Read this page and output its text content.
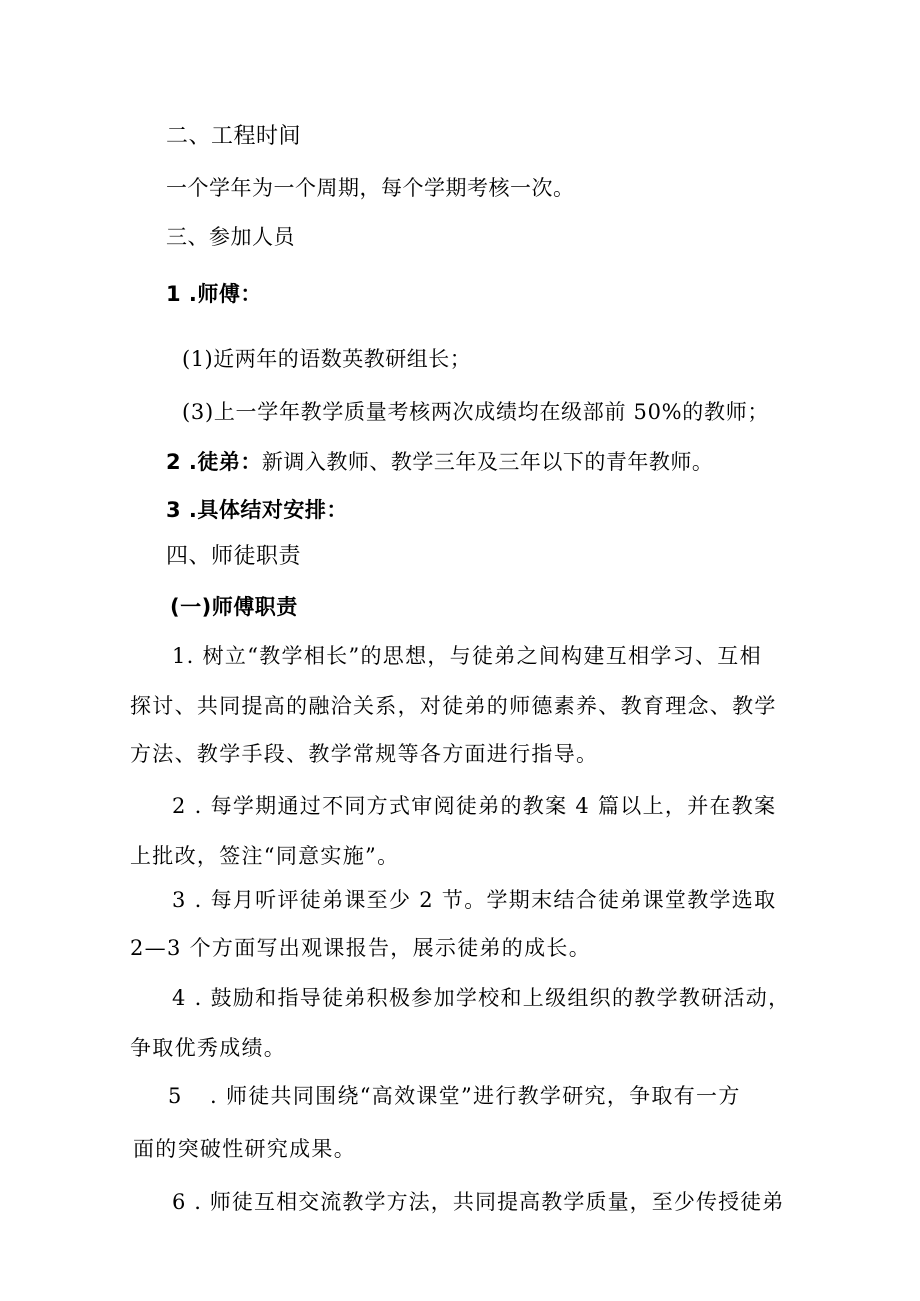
二、工程时间
一个学年为一个周期，每个学期考核一次。
三、参加人员
1 .师傅：
(1)近两年的语数英教研组长；
(3)上一学年教学质量考核两次成绩均在级部前 50%的教师；
2 .徒弟：新调入教师、教学三年及三年以下的青年教师。
3 .具体结对安排：
四、师徒职责
(一)师傅职责
1. 树立“教学相长”的思想，与徒弟之间构建互相学习、互相
探讨、共同提高的融洽关系，对徒弟的师德素养、教育理念、教学
方法、教学手段、教学常规等各方面进行指导。
2 . 每学期通过不同方式审阅徒弟的教案 4 篇以上，并在教案
上批改，签注“同意实施”。
3 . 每月听评徒弟课至少 2 节。学期末结合徒弟课堂教学选取
2—3 个方面写出观课报告，展示徒弟的成长。
4 . 鼓励和指导徒弟积极参加学校和上级组织的教学教研活动，
争取优秀成绩。
5 . 师徒共同围绕“高效课堂”进行教学研究，争取有一方
面的突破性研究成果。
6 . 师徒互相交流教学方法，共同提高教学质量，至少传授徒弟
